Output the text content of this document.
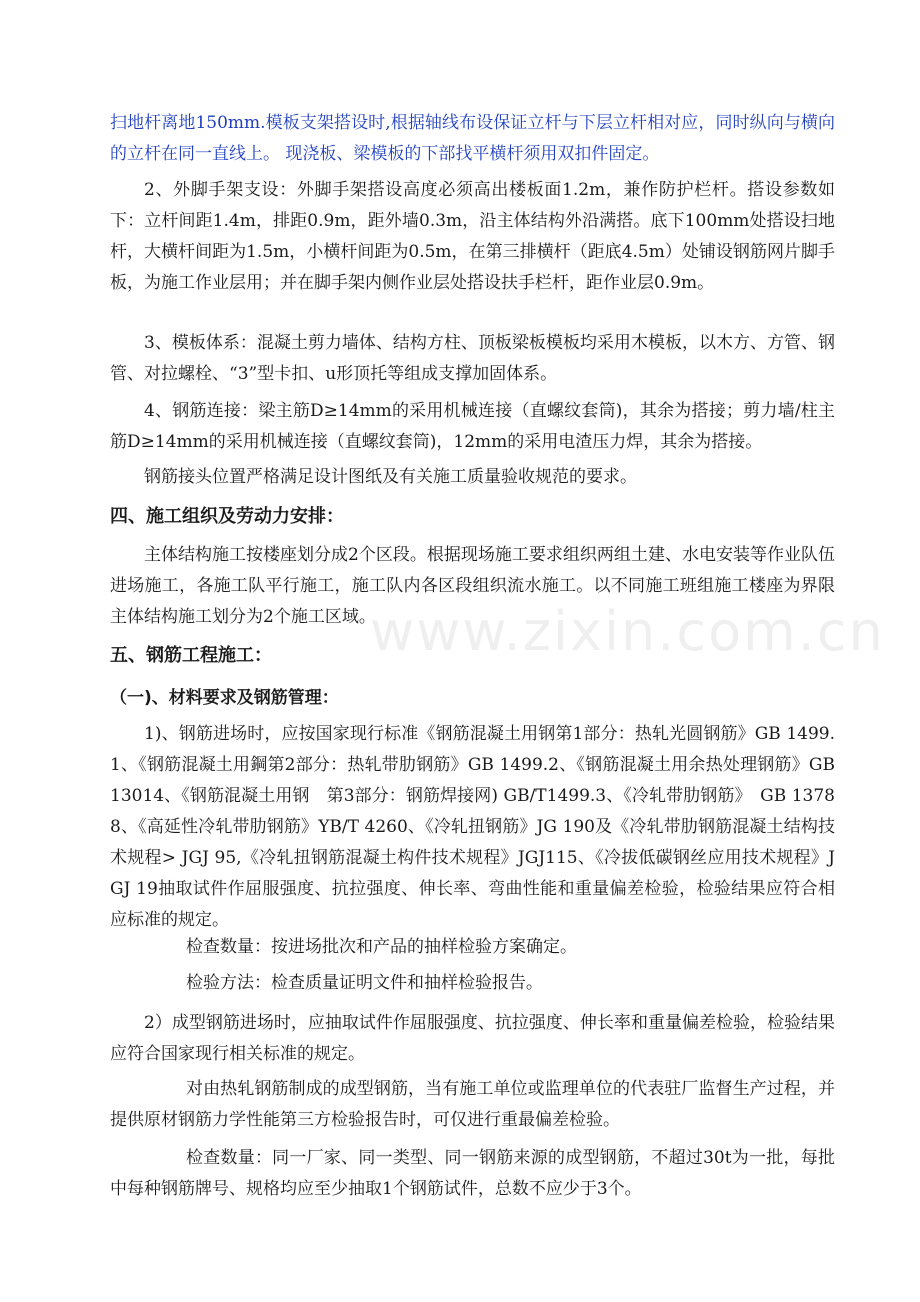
扫地杆离地150mm.模板支架搭设时,根据轴线布设保证立杆与下层立杆相对应，同时纵向与横向的立杆在同一直线上。 现浇板、梁模板的下部找平横杆须用双扣件固定。

2、外脚手架支设：外脚手架搭设高度必须高出楼板面1.2m，兼作防护栏杆。搭设参数如下：立杆间距1.4m，排距0.9m，距外墙0.3m，沿主体结构外沿满搭。底下100mm处搭设扫地杆，大横杆间距为1.5m，小横杆间距为0.5m，在第三排横杆（距底4.5m）处铺设钢筋网片脚手板，为施工作业层用；并在脚手架内侧作业层处搭设扶手栏杆，距作业层0.9m。

3、模板体系：混凝土剪力墙体、结构方柱、顶板梁板模板均采用木模板，以木方、方管、钢管、对拉螺栓、“3”型卡扣、u形顶托等组成支撑加固体系。

4、钢筋连接：梁主筋D≥14mm的采用机械连接（直螺纹套筒)，其余为搭接；剪力墙/柱主筋D≥14mm的采用机械连接（直螺纹套筒)，12mm的采用电渣压力焊，其余为搭接。

钢筋接头位置严格满足设计图纸及有关施工质量验收规范的要求。

四、施工组织及劳动力安排：

主体结构施工按楼座划分成2个区段。根据现场施工要求组织两组土建、水电安装等作业队伍进场施工，各施工队平行施工，施工队内各区段组织流水施工。以不同施工班组施工楼座为界限主体结构施工划分为2个施工区域。

五、钢筋工程施工：
（一)、材料要求及钢筋管理：

1)、钢筋进场时，应按国家现行标准《钢筋混凝土用钢第1部分：热轧光圆钢筋》GB 1499.1、《钢筋混凝土用鋼第2部分：热轧带肋钢筋》GB 1499.2、《钢筋混凝土用余热处理钢筋》GB 13014、《钢筋混凝土用钢　第3部分：钢筋焊接网) GB/T1499.3、《冷轧带肋钢筋》　GB 13788、《高延性冷轧带肋钢筋》YB/T 4260、《冷轧扭钢筋》JG 190及《冷轧带肋钢筋混凝土结构技术规程> JGJ 95,《冷轧扭钢筋混凝土构件技术规程》JGJ115、《冷拔低碳钢丝应用技术规程》JGJ 19抽取试件作屈服强度、抗拉强度、伸长率、弯曲性能和重量偏差检验，检验结果应符合相应标准的规定。

检查数量：按进场批次和产品的抽样检验方案确定。

检验方法：检查质量证明文件和抽样检验报告。

2）成型钢筋进场时，应抽取试件作屈服强度、抗拉强度、伸长率和重量偏差检验，检验结果应符合国家现行相关标准的规定。

对由热轧钢筋制成的成型钢筋，当有施工单位或监理单位的代表驻厂监督生产过程，并提供原材钢筋力学性能第三方检验报告时，可仅进行重最偏差检验。

检查数量：同一厂家、同一类型、同一钢筋来源的成型钢筋，不超过30t为一批，每批中每种钢筋牌号、规格均应至少抽取1个钢筋试件，总数不应少于3个。

www.zixin.com.cn
